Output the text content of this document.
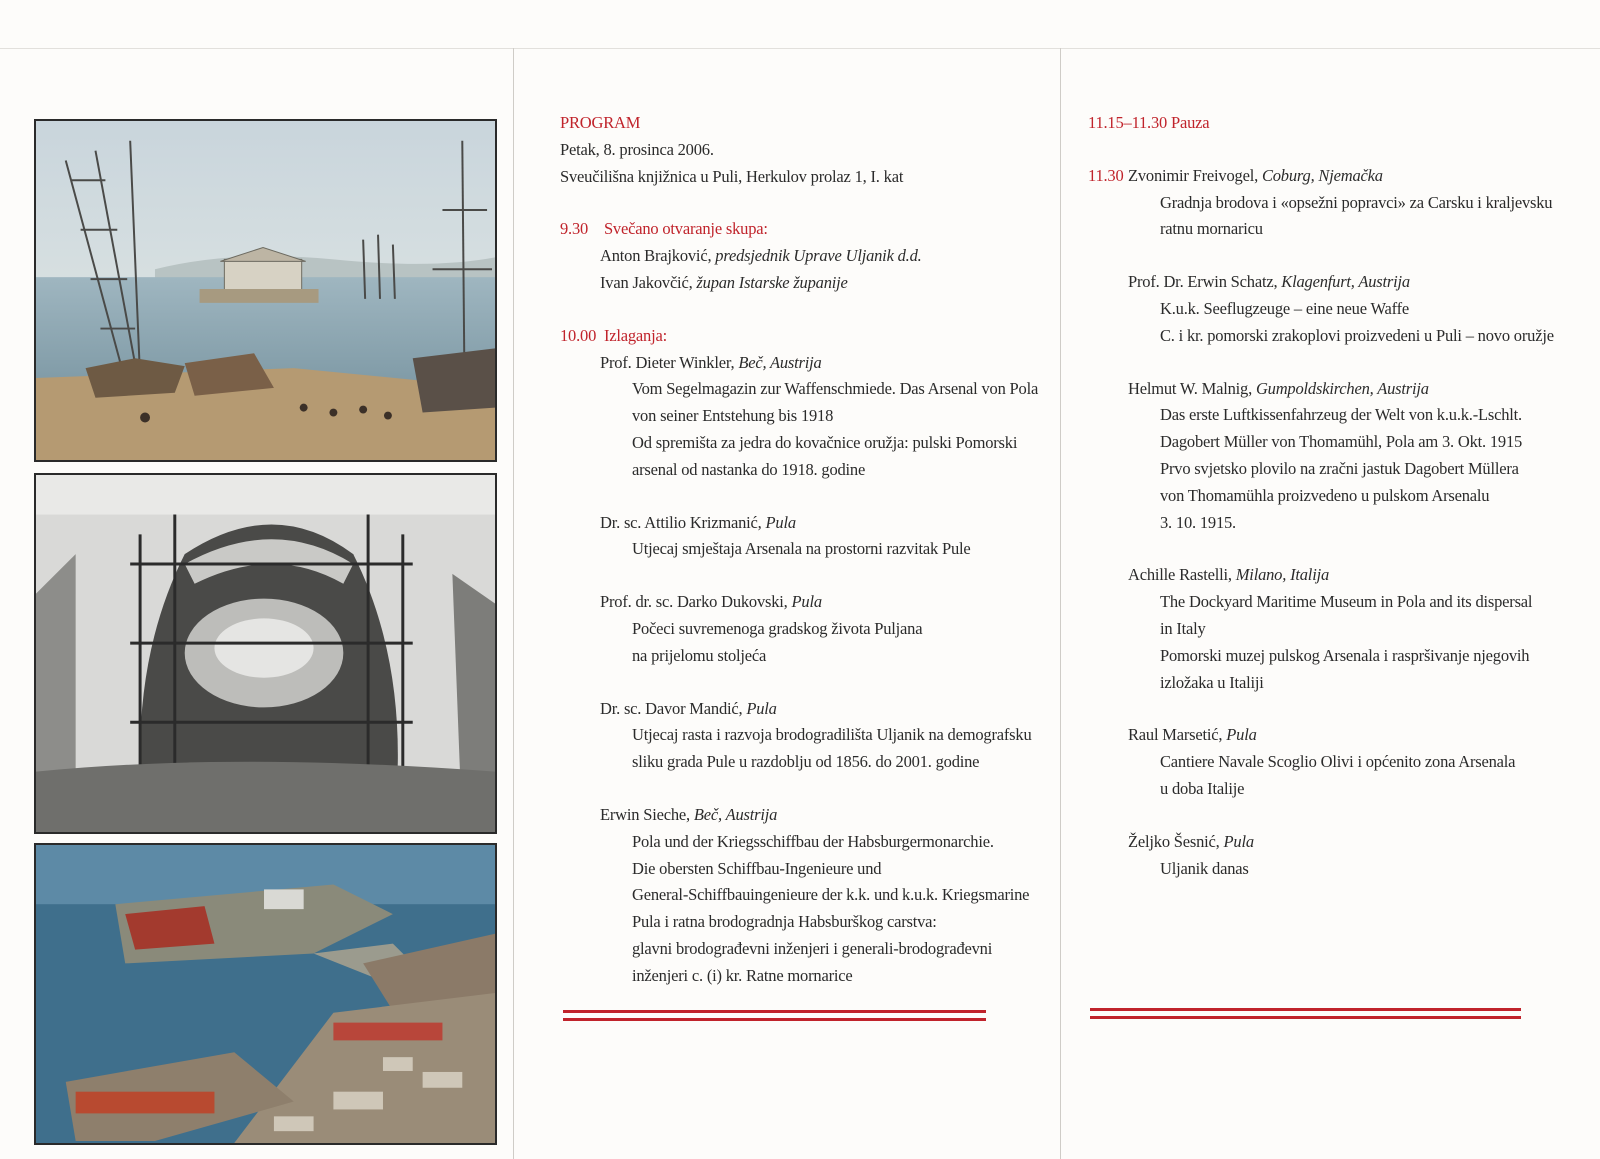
PROGRAM
Petak, 8. prosinca 2006.
Sveučilišna knjižnica u Puli, Herkulov prolaz 1, I. kat
9.30 Svečano otvaranje skupa:
Anton Brajković, predsjednik Uprave Uljanik d.d.
Ivan Jakovčić, župan Istarske županije
10.00 Izlaganja:
Prof. Dieter Winkler, Beč, Austrija
Vom Segelmagazin zur Waffenschmiede. Das Arsenal von Pola
von seiner Entstehung bis 1918
Od spremišta za jedra do kovačnice oružja: pulski Pomorski
arsenal od nastanka do 1918. godine
Dr. sc. Attilio Krizmanić, Pula
Utjecaj smještaja Arsenala na prostorni razvitak Pule
Prof. dr. sc. Darko Dukovski, Pula
Počeci suvremenoga gradskog života Puljana
na prijelomu stoljeća
Dr. sc. Davor Mandić, Pula
Utjecaj rasta i razvoja brodogradilišta Uljanik na demografsku
sliku grada Pule u razdoblju od 1856. do 2001. godine
Erwin Sieche, Beč, Austrija
Pola und der Kriegsschiffbau der Habsburgermonarchie.
Die obersten Schiffbau-Ingenieure und
General-Schiffbauingenieure der k.k. und k.u.k. Kriegsmarine
Pula i ratna brodogradnja Habsburškog carstva:
glavni brodograđevni inženjeri i generali-brodograđevni
inženjeri c. (i) kr. Ratne mornarice
11.15–11.30 Pauza
11.30 Zvonimir Freivogel, Coburg, Njemačka
Gradnja brodova i «opsežni popravci» za Carsku i kraljevsku
ratnu mornaricu
Prof. Dr. Erwin Schatz, Klagenfurt, Austrija
K.u.k. Seeflugzeuge – eine neue Waffe
C. i kr. pomorski zrakoplovi proizvedeni u Puli – novo oružje
Helmut W. Malnig, Gumpoldskirchen, Austrija
Das erste Luftkissenfahrzeug der Welt von k.u.k.-Lschlt.
Dagobert Müller von Thomamühl, Pola am 3. Okt. 1915
Prvo svjetsko plovilo na zračni jastuk Dagobert Müllera
von Thomamühla proizvedeno u pulskom Arsenalu
3. 10. 1915.
Achille Rastelli, Milano, Italija
The Dockyard Maritime Museum in Pola and its dispersal
in Italy
Pomorski muzej pulskog Arsenala i raspršivanje njegovih
izložaka u Italiji
Raul Marsetić, Pula
Cantiere Navale Scoglio Olivi i općenito zona Arsenala
u doba Italije
Željko Šesnić, Pula
Uljanik danas
